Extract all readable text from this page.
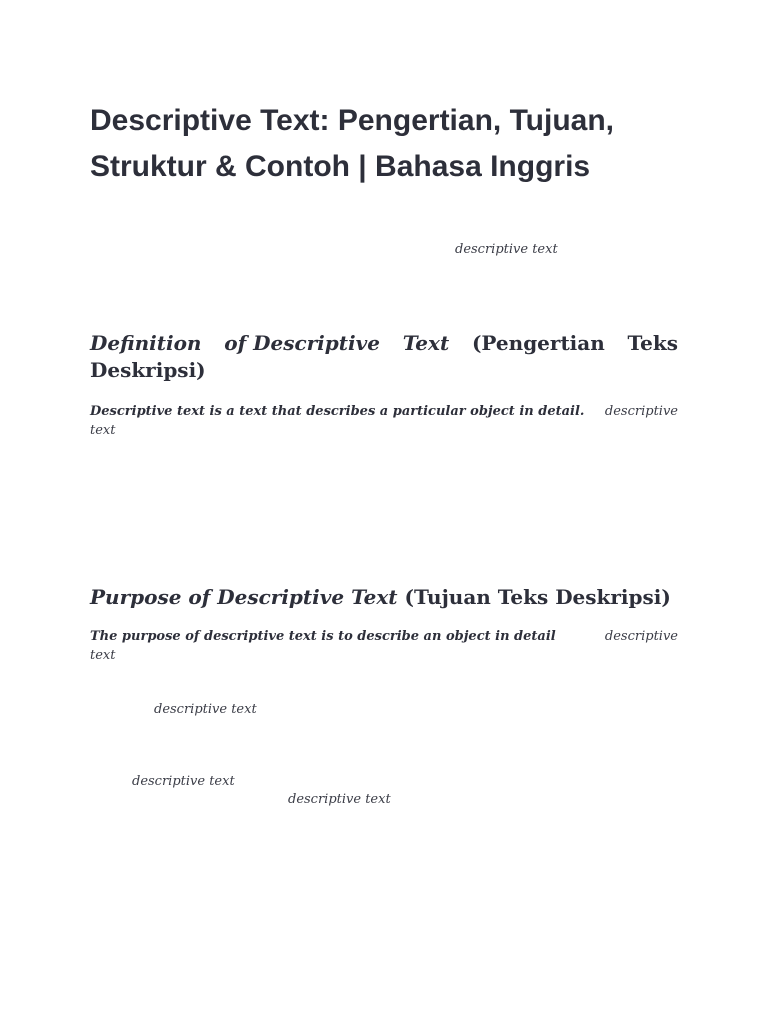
Descriptive Text: Pengertian, Tujuan, Struktur & Contoh | Bahasa Inggris
descriptive text
Definition of Descriptive Text (Pengertian Teks
Deskripsi)
Descriptive text is a text that describes a particular object in detail. descriptive
text
Purpose of Descriptive Text (Tujuan Teks Deskripsi)
The purpose of descriptive text is to describe an object in detail	descriptive
text
descriptive text
descriptive text
descriptive text
